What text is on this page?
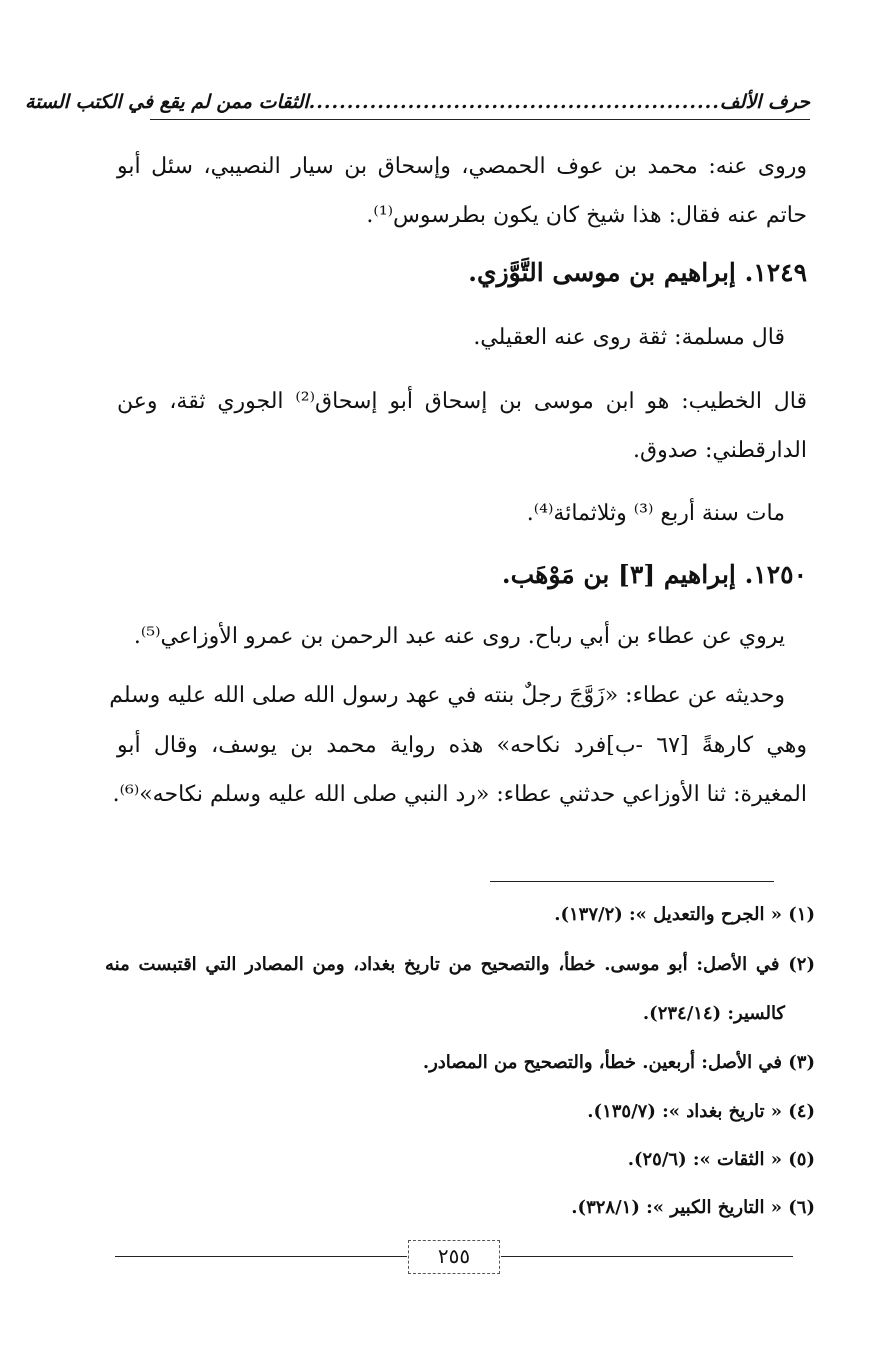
حرف الألف
......................................................
الثقات ممن لم يقع في الكتب الستة
وروى عنه: محمد بن عوف الحمصي، وإسحاق بن سيار النصيبي، سئل أبو
حاتم عنه فقال: هذا شيخ كان يكون بطرسوس⁽¹⁾.
١٢٤٩. إبراهيم بن موسى التَّوَّزي.
قال مسلمة: ثقة روى عنه العقيلي.
قال الخطيب: هو ابن موسى بن إسحاق أبو إسحاق⁽²⁾ الجوري ثقة، وعن
الدارقطني: صدوق.
مات سنة أربع ⁽³⁾ وثلاثمائة⁽⁴⁾.
١٢٥٠. إبراهيم [٣] بن مَوْهَب.
يروي عن عطاء بن أبي رباح. روى عنه عبد الرحمن بن عمرو الأوزاعي⁽⁵⁾.
وحديثه عن عطاء: «زَوَّجَ رجلٌ بنته في عهد رسول الله صلى الله عليه وسلم
وهي كارهةً [٦٧ -ب]فرد نكاحه» هذه رواية محمد بن يوسف، وقال أبو
المغيرة: ثنا الأوزاعي حدثني عطاء: «رد النبي صلى الله عليه وسلم نكاحه»⁽⁶⁾.
(١) « الجرح والتعديل »: (١٣٧/٢).
(٢) في الأصل: أبو موسى. خطأ، والتصحيح من تاريخ بغداد، ومن المصادر التي اقتبست منه
كالسير: (٢٣٤/١٤).
(٣) في الأصل: أربعين. خطأ، والتصحيح من المصادر.
(٤) « تاريخ بغداد »: (١٣٥/٧).
(٥) « الثقات »: (٢٥/٦).
(٦) « التاريخ الكبير »: (٣٢٨/١).
٢٥٥
